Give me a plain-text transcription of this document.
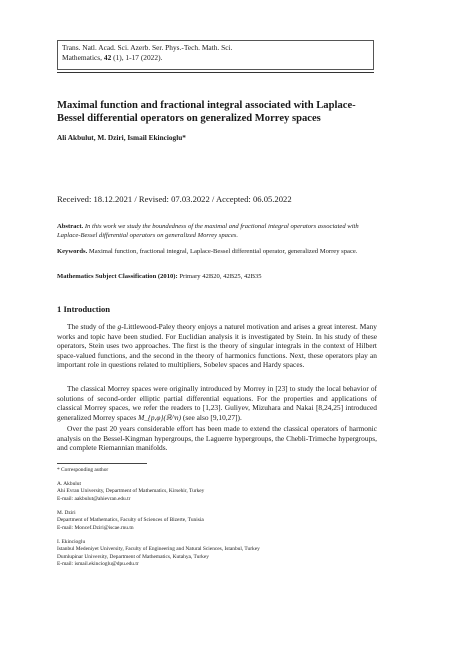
Trans. Natl. Acad. Sci. Azerb. Ser. Phys.-Tech. Math. Sci.
Mathematics, 42 (1), 1-17 (2022).
Maximal function and fractional integral associated with Laplace-Bessel differential operators on generalized Morrey spaces
Ali Akbulut, M. Dziri, Ismail Ekincioglu*
Received: 18.12.2021 / Revised: 07.03.2022 / Accepted: 06.05.2022
Abstract. In this work we study the boundedness of the maximal and fractional integral operators associated with Laplace-Bessel differential operators on generalized Morrey spaces.
Keywords. Maximal function, fractional integral, Laplace-Bessel differential operator, generalized Morrey space.
Mathematics Subject Classification (2010): Primary 42B20, 42B25, 42B35
1 Introduction
The study of the g-Littlewood-Paley theory enjoys a naturel motivation and arises a great interest. Many works and topic have been studied. For Euclidian analysis it is investigated by Stein. In his study of these operators, Stein uses two approaches. The first is the theory of singular integrals in the context of Hilbert space-valued functions, and the second in the theory of harmonics functions. Next, these operators play an important role in questions related to multipliers, Sobelev spaces and Hardy spaces.
The classical Morrey spaces were originally introduced by Morrey in [23] to study the local behavior of solutions of second-order elliptic partial differential equations. For the properties and applications of classical Morrey spaces, we refer the readers to [1,23]. Guliyev, Mizuhara and Nakai [8,24,25] introduced generalized Morrey spaces M_{p,φ}(ℝ^n) (see also [9,10,27]).
Over the past 20 years considerable effort has been made to extend the classical operators of harmonic analysis on the Bessel-Kingman hypergroups, the Laguerre hypergroups, the Chebli-Trimeche hypergroups, and complete Riemannian manifolds.
* Corresponding author
A. Akbulut
Ahi Evran University, Department of Mathematics, Kirsehir, Turkey
E-mail: aakbulut@ahievran.edu.tr
M. Dziri
Department of Mathematics, Faculty of Sciences of Bizerte, Tunisia
E-mail: Moncef.Dziri@iscae.rnu.tn
I. Ekincioglu
Istanbul Medeniyet University, Faculty of Engineering and Natural Sciences, Istanbul, Turkey
Dumlupinar University, Department of Mathematics, Kutahya, Turkey
E-mail: ismail.ekincioglu@dpu.edu.tr
